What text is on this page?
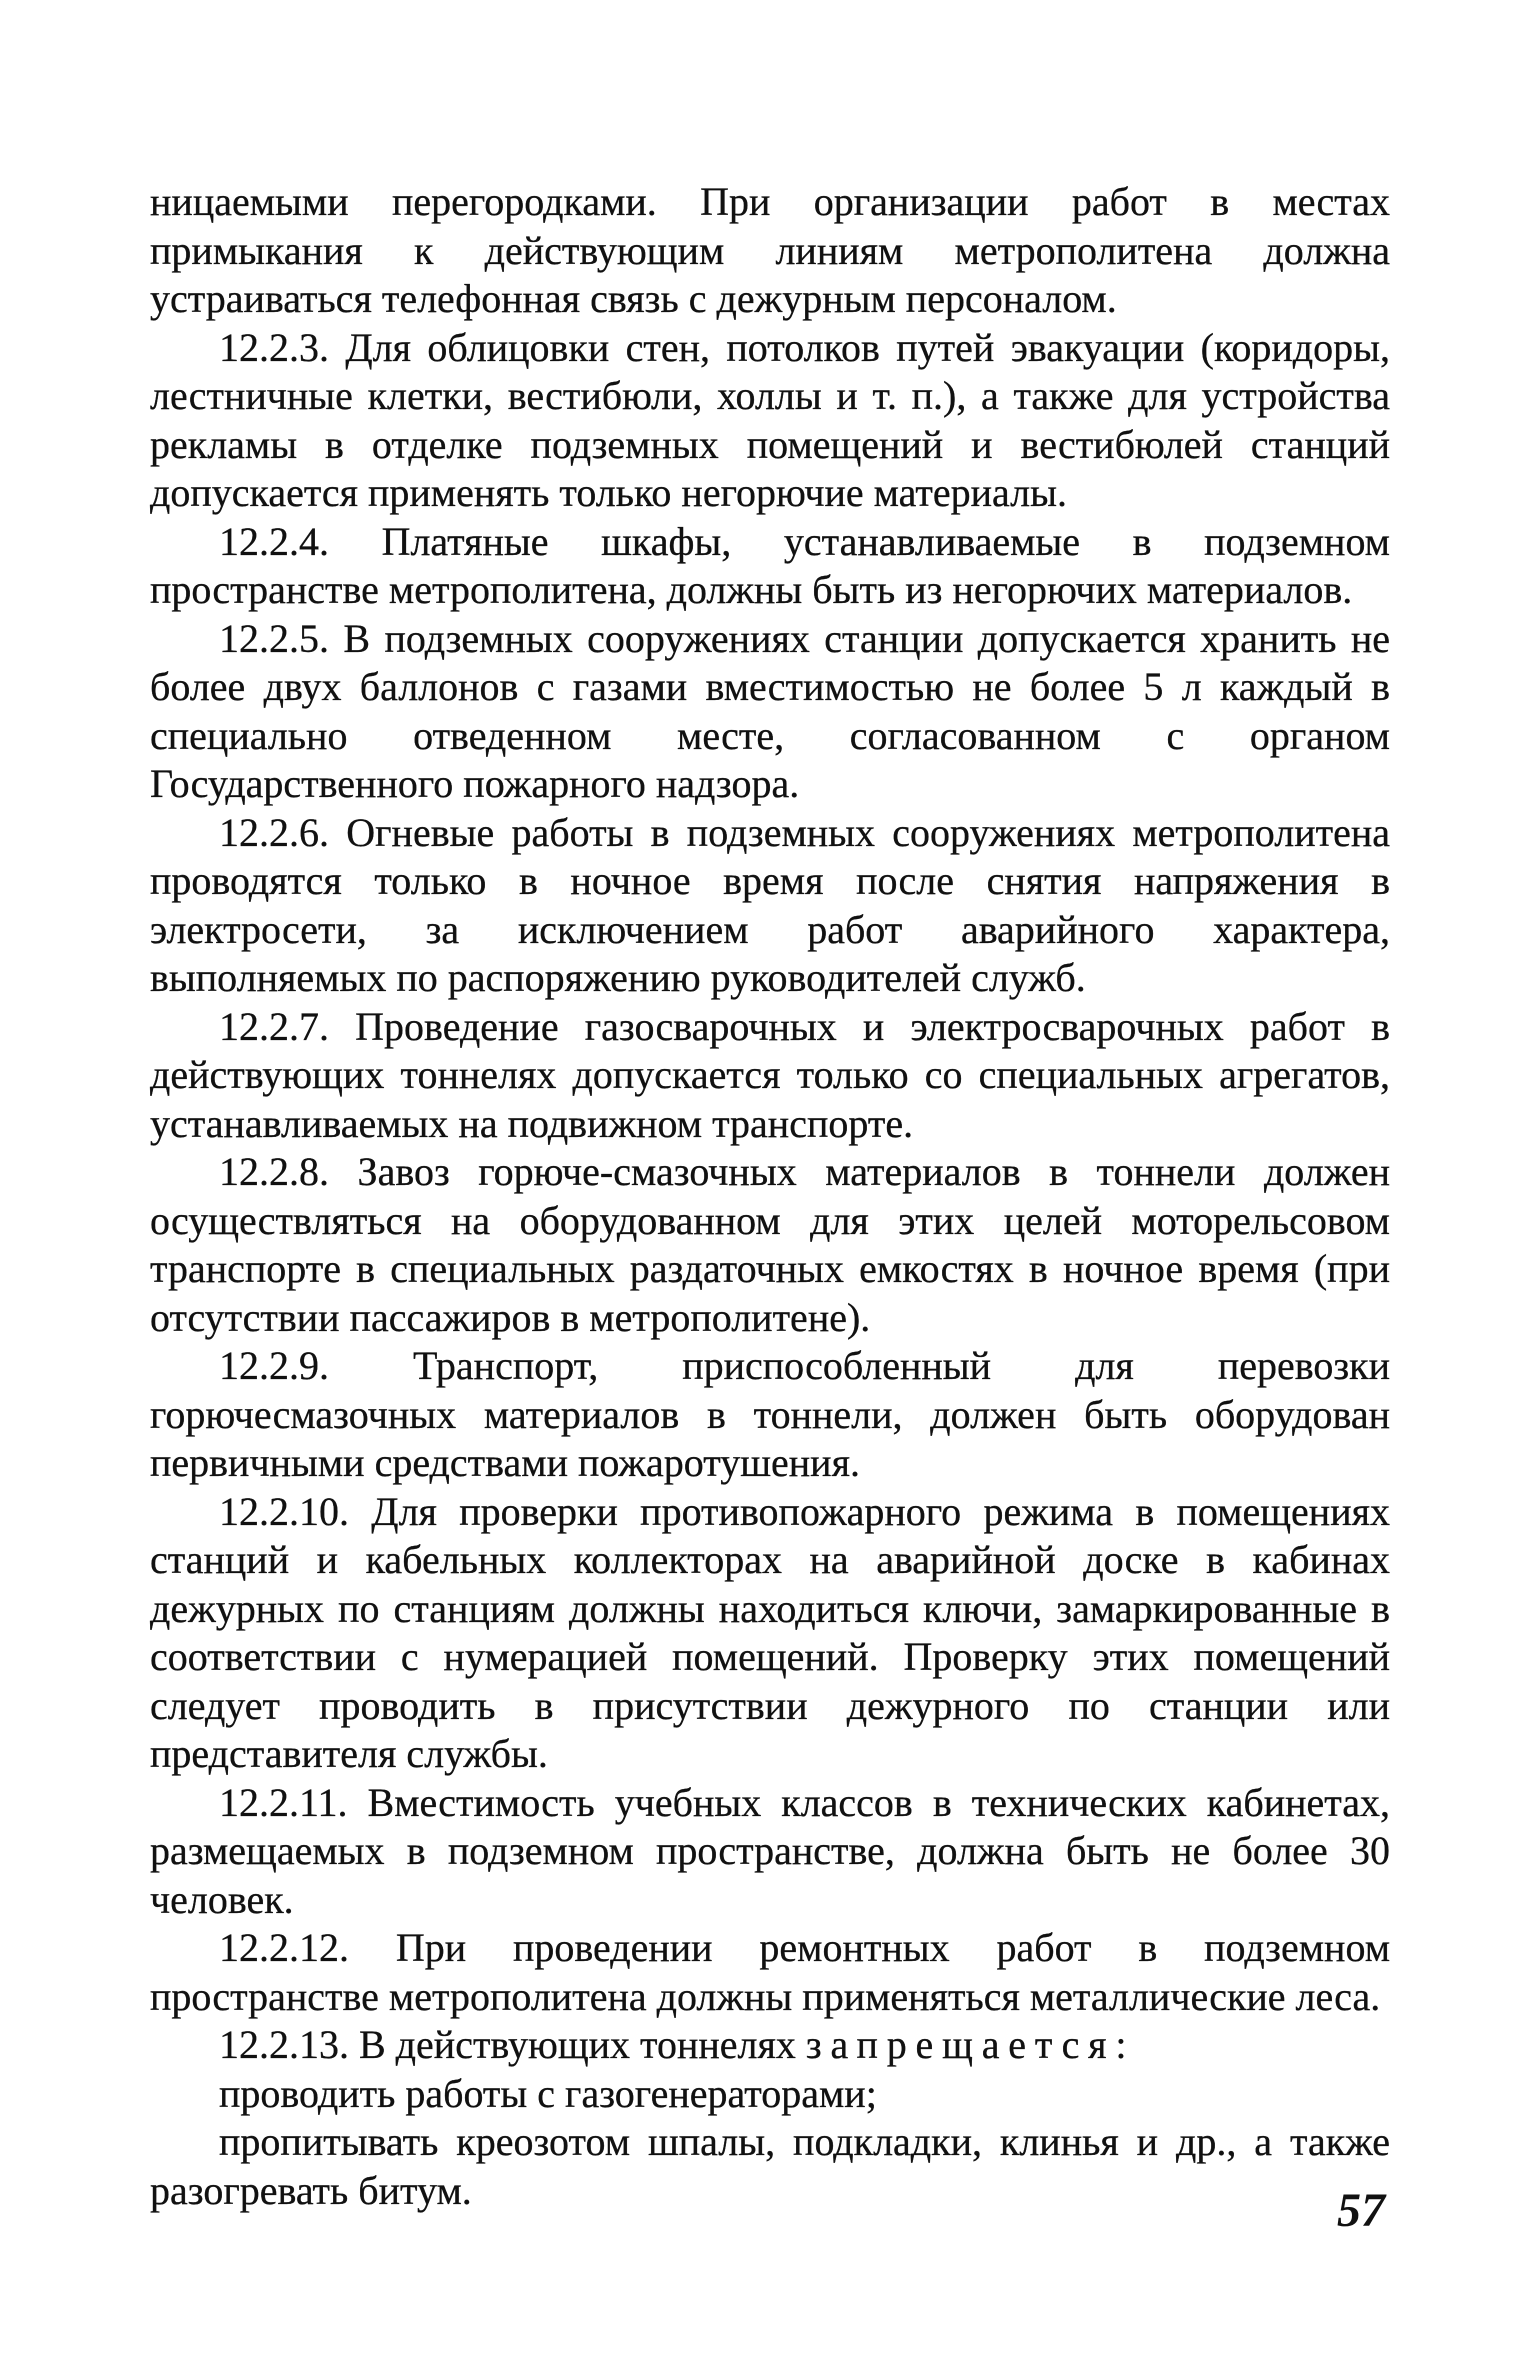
ницаемыми перегородками. При организации работ в местах примыкания к действующим линиям метрополитена должна устраиваться телефонная связь с дежурным персоналом.

12.2.3. Для облицовки стен, потолков путей эвакуации (коридоры, лестничные клетки, вестибюли, холлы и т. п.), а также для устройства рекламы в отделке подземных помещений и вестибюлей станций допускается применять только негорючие материалы.

12.2.4. Платяные шкафы, устанавливаемые в подземном пространстве метрополитена, должны быть из негорючих материалов.

12.2.5. В подземных сооружениях станции допускается хранить не более двух баллонов с газами вместимостью не более 5 л каждый в специально отведенном месте, согласованном с органом Государственного пожарного надзора.

12.2.6. Огневые работы в подземных сооружениях метрополитена проводятся только в ночное время после снятия напряжения в электросети, за исключением работ аварийного характера, выполняемых по распоряжению руководителей служб.

12.2.7. Проведение газосварочных и электросварочных работ в действующих тоннелях допускается только со специальных агрегатов, устанавливаемых на подвижном транспорте.

12.2.8. Завоз горюче-смазочных материалов в тоннели должен осуществляться на оборудованном для этих целей моторельсовом транспорте в специальных раздаточных емкостях в ночное время (при отсутствии пассажиров в метрополитене).

12.2.9. Транспорт, приспособленный для перевозки горючесмазочных материалов в тоннели, должен быть оборудован первичными средствами пожаротушения.

12.2.10. Для проверки противопожарного режима в помещениях станций и кабельных коллекторах на аварийной доске в кабинах дежурных по станциям должны находиться ключи, замаркированные в соответствии с нумерацией помещений. Проверку этих помещений следует проводить в присутствии дежурного по станции или представителя службы.

12.2.11. Вместимость учебных классов в технических кабинетах, размещаемых в подземном пространстве, должна быть не более 30 человек.

12.2.12. При проведении ремонтных работ в подземном пространстве метрополитена должны применяться металлические леса.

12.2.13. В действующих тоннелях запрещается:

проводить работы с газогенераторами;

пропитывать креозотом шпалы, подкладки, клинья и др., а также разогревать битум.	57
